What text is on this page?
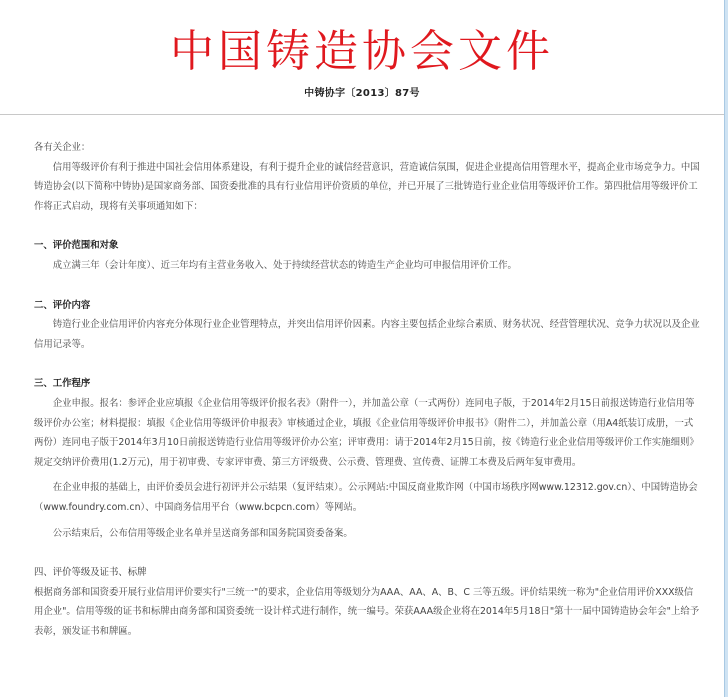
中国铸造协会文件
中铸协字〔2013〕87号

各有关企业：

信用等级评价有利于推进中国社会信用体系建设，有利于提升企业的诚信经营意识，营造诚信氛围，促进企业提高信用管理水平，提高企业市场竞争力。中国铸造协会(以下简称中铸协)是国家商务部、国资委批准的具有行业信用评价资质的单位，并已开展了三批铸造行业企业信用等级评价工作。第四批信用等级评价工作将正式启动，现将有关事项通知如下：

一、评价范围和对象

成立满三年（会计年度）、近三年均有主营业务收入、处于持续经营状态的铸造生产企业均可申报信用评价工作。

二、评价内容

铸造行业企业信用评价内容充分体现行业企业管理特点，并突出信用评价因素。内容主要包括企业综合素质、财务状况、经营管理状况、竞争力状况以及企业信用记录等。

三、工作程序

企业申报。报名：参评企业应填报《企业信用等级评价报名表》（附件一），并加盖公章（一式两份）连同电子版，于2014年2月15日前报送铸造行业信用等级评价办公室；材料提报：填报《企业信用等级评价申报表》审核通过企业，填报《企业信用等级评价申报书》（附件二），并加盖公章（用A4纸装订成册，一式两份）连同电子版于2014年3月10日前报送铸造行业信用等级评价办公室；评审费用：请于2014年2月15日前，按《铸造行业企业信用等级评价工作实施细则》规定交纳评价费用(1.2万元)，用于初审费、专家评审费、第三方评级费、公示费、管理费、宣传费、证牌工本费及后两年复审费用。

在企业申报的基础上，由评价委员会进行初评并公示结果（复评结束）。公示网站:中国反商业欺诈网（中国市场秩序网www.12312.gov.cn）、中国铸造协会（www.foundry.com.cn）、中国商务信用平台（www.bcpcn.com）等网站。

公示结束后，公布信用等级企业名单并呈送商务部和国务院国资委备案。

四、评价等级及证书、标牌

根据商务部和国资委开展行业信用评价要实行"三统一"的要求，企业信用等级划分为AAA、AA、A、B、C 三等五级。评价结果统一称为"企业信用评价XXX级信用企业"。信用等级的证书和标牌由商务部和国资委统一设计样式进行制作，统一编号。荣获AAA级企业将在2014年5月18日"第十一届中国铸造协会年会"上给予表彰，颁发证书和牌匾。
